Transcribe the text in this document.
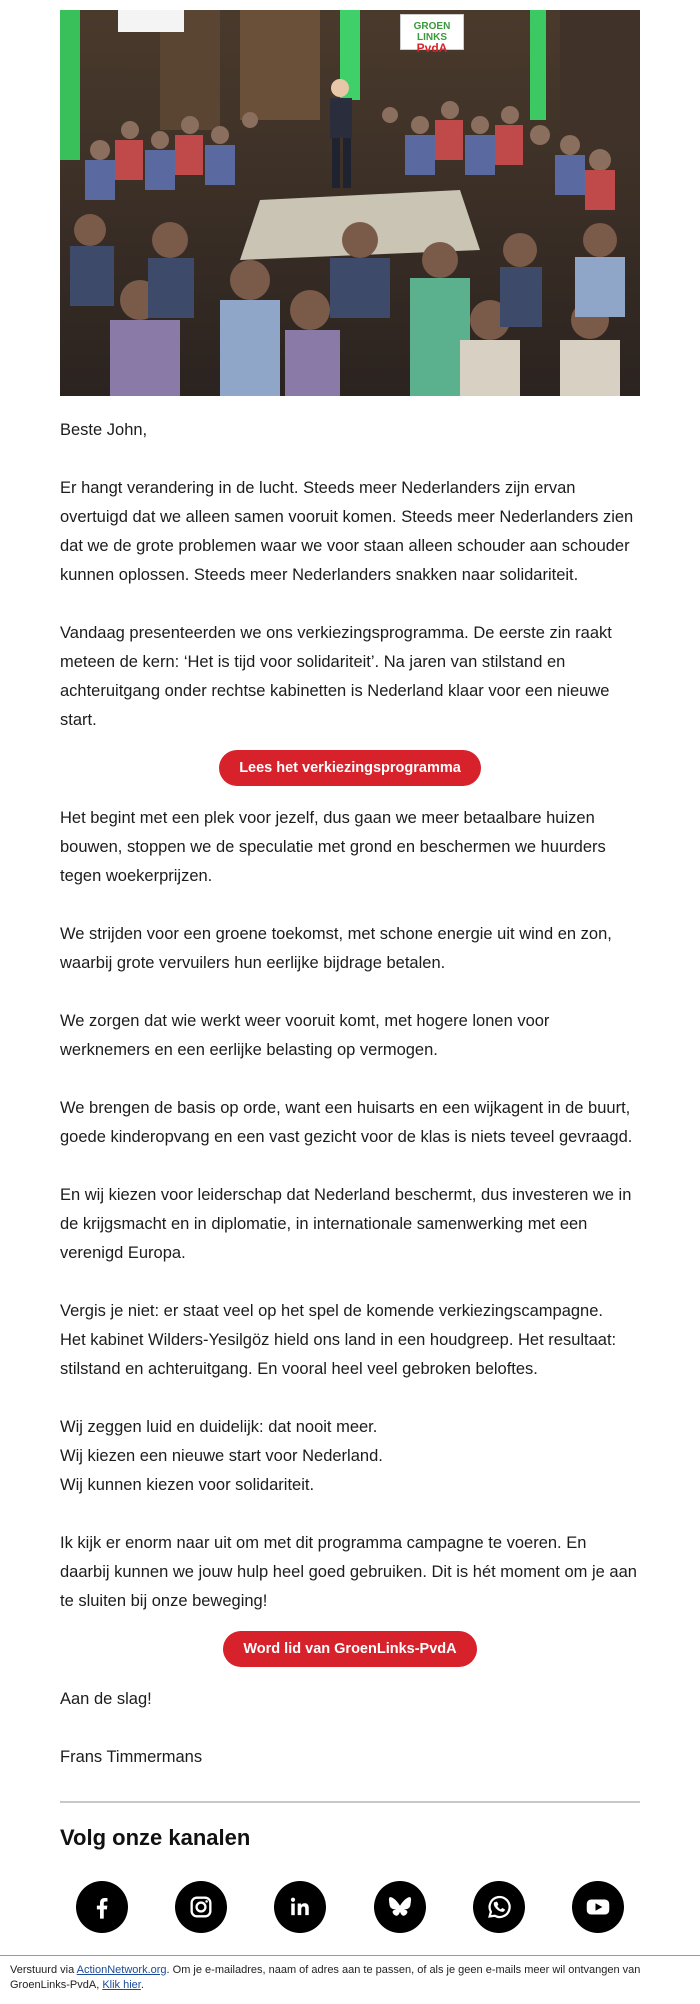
GROEN LINKS
PvdA

Beste John,

Er hangt verandering in de lucht. Steeds meer Nederlanders zijn ervan overtuigd dat we alleen samen vooruit komen. Steeds meer Nederlanders zien dat we de grote problemen waar we voor staan alleen schouder aan schouder kunnen oplossen. Steeds meer Nederlanders snakken naar solidariteit.

Vandaag presenteerden we ons verkiezingsprogramma. De eerste zin raakt meteen de kern: ‘Het is tijd voor solidariteit’. Na jaren van stilstand en achteruitgang onder rechtse kabinetten is Nederland klaar voor een nieuwe start.

Lees het verkiezingsprogramma

Het begint met een plek voor jezelf, dus gaan we meer betaalbare huizen bouwen, stoppen we de speculatie met grond en beschermen we huurders tegen woekerprijzen.

We strijden voor een groene toekomst, met schone energie uit wind en zon, waarbij grote vervuilers hun eerlijke bijdrage betalen.

We zorgen dat wie werkt weer vooruit komt, met hogere lonen voor werknemers en een eerlijke belasting op vermogen.

We brengen de basis op orde, want een huisarts en een wijkagent in de buurt, goede kinderopvang en een vast gezicht voor de klas is niets teveel gevraagd.

En wij kiezen voor leiderschap dat Nederland beschermt, dus investeren we in de krijgsmacht en in diplomatie, in internationale samenwerking met een verenigd Europa.

Vergis je niet: er staat veel op het spel de komende verkiezingscampagne.
Het kabinet Wilders-Yesilgöz hield ons land in een houdgreep. Het resultaat: stilstand en achteruitgang. En vooral heel veel gebroken beloftes.

Wij zeggen luid en duidelijk: dat nooit meer.
Wij kiezen een nieuwe start voor Nederland.
Wij kunnen kiezen voor solidariteit.

Ik kijk er enorm naar uit om met dit programma campagne te voeren. En daarbij kunnen we jouw hulp heel goed gebruiken. Dit is hét moment om je aan te sluiten bij onze beweging!

Word lid van GroenLinks-PvdA

Aan de slag!

Frans Timmermans

Volg onze kanalen
Verstuurd via ActionNetwork.org. Om je e-mailadres, naam of adres aan te passen, of als je geen e-mails meer wil ontvangen van GroenLinks-PvdA, Klik hier.
